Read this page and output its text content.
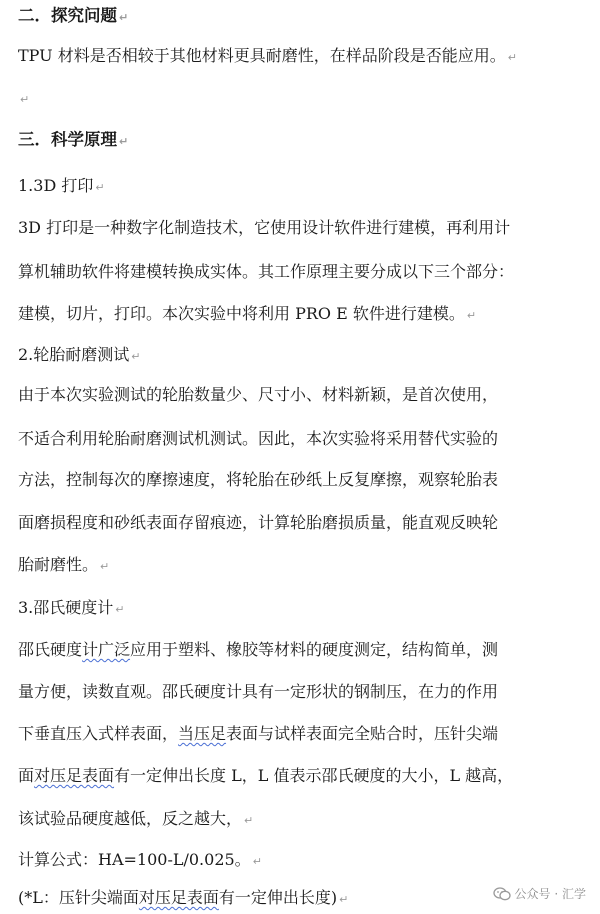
二．探究问题 ↵
TPU 材料是否相较于其他材料更具耐磨性，在样品阶段是否能应用。 ↵
↵
三．科学原理 ↵
1.3D 打印 ↵
3D 打印是一种数字化制造技术，它使用设计软件进行建模，再利用计
算机辅助软件将建模转换成实体。其工作原理主要分成以下三个部分：
建模，切片，打印。本次实验中将利用 PRO E 软件进行建模。 ↵
2.轮胎耐磨测试 ↵
由于本次实验测试的轮胎数量少、尺寸小、材料新颖，是首次使用，
不适合利用轮胎耐磨测试机测试。因此，本次实验将采用替代实验的
方法，控制每次的摩擦速度，将轮胎在砂纸上反复摩擦，观察轮胎表
面磨损程度和砂纸表面存留痕迹，计算轮胎磨损质量，能直观反映轮
胎耐磨性。 ↵
3.邵氏硬度计 ↵
邵氏硬度计广泛应用于塑料、橡胶等材料的硬度测定，结构简单，测
量方便，读数直观。邵氏硬度计具有一定形状的钢制压，在力的作用
下垂直压入式样表面，当压足表面与试样表面完全贴合时，压针尖端
面对压足表面有一定伸出长度 L，L 值表示邵氏硬度的大小，L 越高，
该试验品硬度越低，反之越大， ↵
计算公式：HA=100-L/0.025。 ↵
(*L：压针尖端面对压足表面有一定伸出长度) ↵	公众号 · 汇学
